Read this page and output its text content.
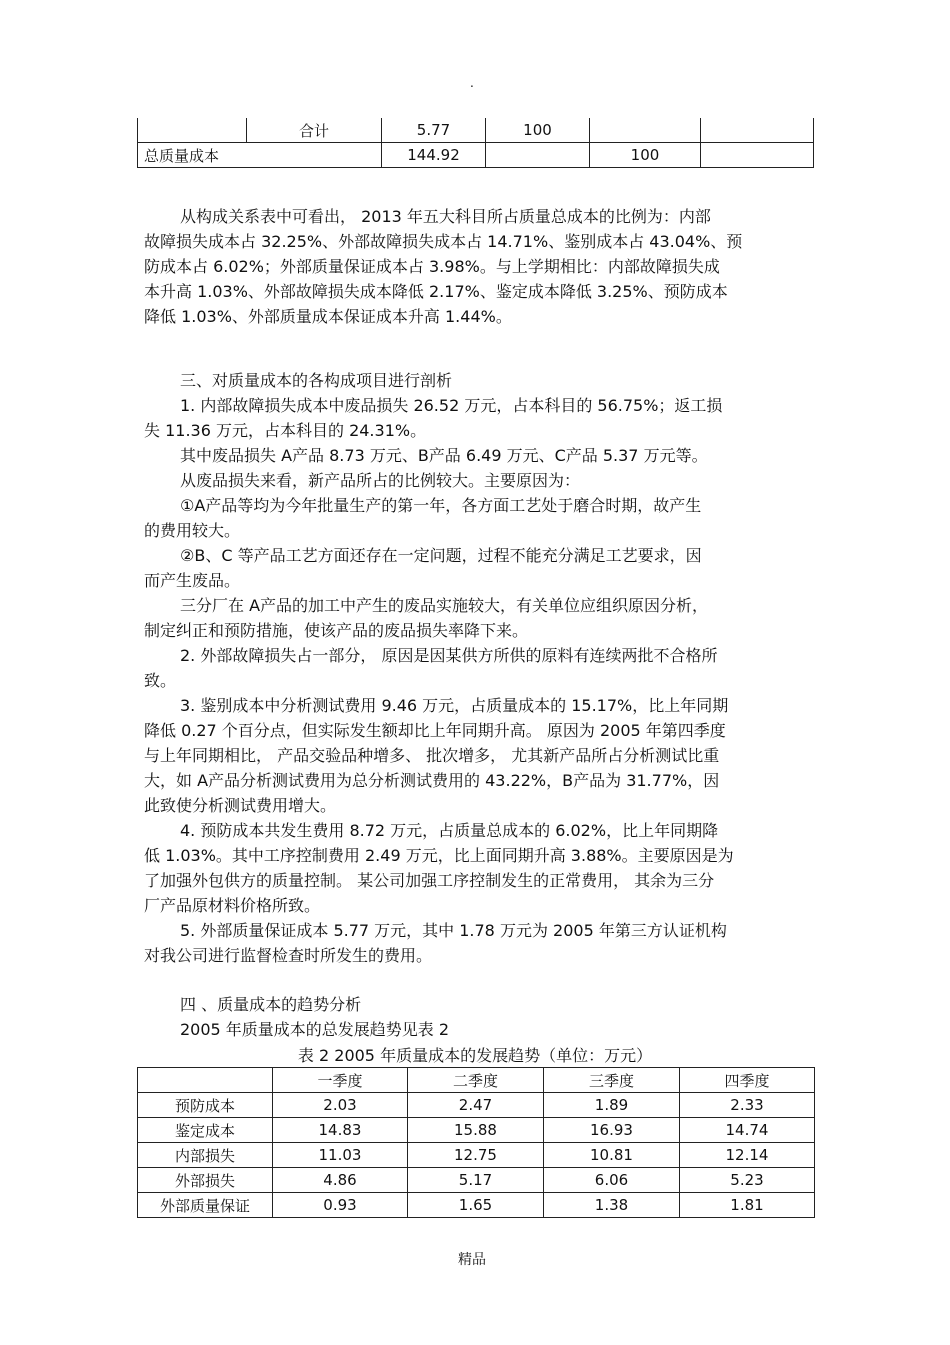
.
	合计	5.77	100		
总质量成本		144.92		100	
从构成关系表中可看出， 2013 年五大科目所占质量总成本的比例为：内部
故障损失成本占 32.25%、外部故障损失成本占 14.71%、鉴别成本占 43.04%、预
防成本占 6.02%；外部质量保证成本占 3.98%。与上学期相比：内部故障损失成
本升高 1.03%、外部故障损失成本降低 2.17%、鉴定成本降低 3.25%、预防成本
降低 1.03%、外部质量成本保证成本升高 1.44%。
三、对质量成本的各构成项目进行剖析
1. 内部故障损失成本中废品损失 26.52 万元，占本科目的 56.75%；返工损
失 11.36 万元，占本科目的 24.31%。
其中废品损失 A产品 8.73 万元、B产品 6.49 万元、C产品 5.37 万元等。
从废品损失来看，新产品所占的比例较大。主要原因为：
①A产品等均为今年批量生产的第一年，各方面工艺处于磨合时期，故产生
的费用较大。
②B、C 等产品工艺方面还存在一定问题，过程不能充分满足工艺要求，因
而产生废品。
三分厂在 A产品的加工中产生的废品实施较大，有关单位应组织原因分析，
制定纠正和预防措施，使该产品的废品损失率降下来。
2. 外部故障损失占一部分， 原因是因某供方所供的原料有连续两批不合格所
致。
3. 鉴别成本中分析测试费用 9.46 万元，占质量成本的 15.17%，比上年同期
降低 0.27 个百分点，但实际发生额却比上年同期升高。 原因为 2005 年第四季度
与上年同期相比， 产品交验品种增多、 批次增多， 尤其新产品所占分析测试比重
大，如 A产品分析测试费用为总分析测试费用的 43.22%，B产品为 31.77%，因
此致使分析测试费用增大。
4. 预防成本共发生费用 8.72 万元，占质量总成本的 6.02%，比上年同期降
低 1.03%。其中工序控制费用 2.49 万元，比上面同期升高 3.88%。主要原因是为
了加强外包供方的质量控制。 某公司加强工序控制发生的正常费用， 其余为三分
厂产品原材料价格所致。
5. 外部质量保证成本 5.77 万元，其中 1.78 万元为 2005 年第三方认证机构
对我公司进行监督检查时所发生的费用。
四 、质量成本的趋势分析
2005 年质量成本的总发展趋势见表 2
表 2 2005 年质量成本的发展趋势（单位：万元）
	一季度	二季度	三季度	四季度
预防成本	2.03	2.47	1.89	2.33
鉴定成本	14.83	15.88	16.93	14.74
内部损失	11.03	12.75	10.81	12.14
外部损失	4.86	5.17	6.06	5.23
外部质量保证	0.93	1.65	1.38	1.81
精品
